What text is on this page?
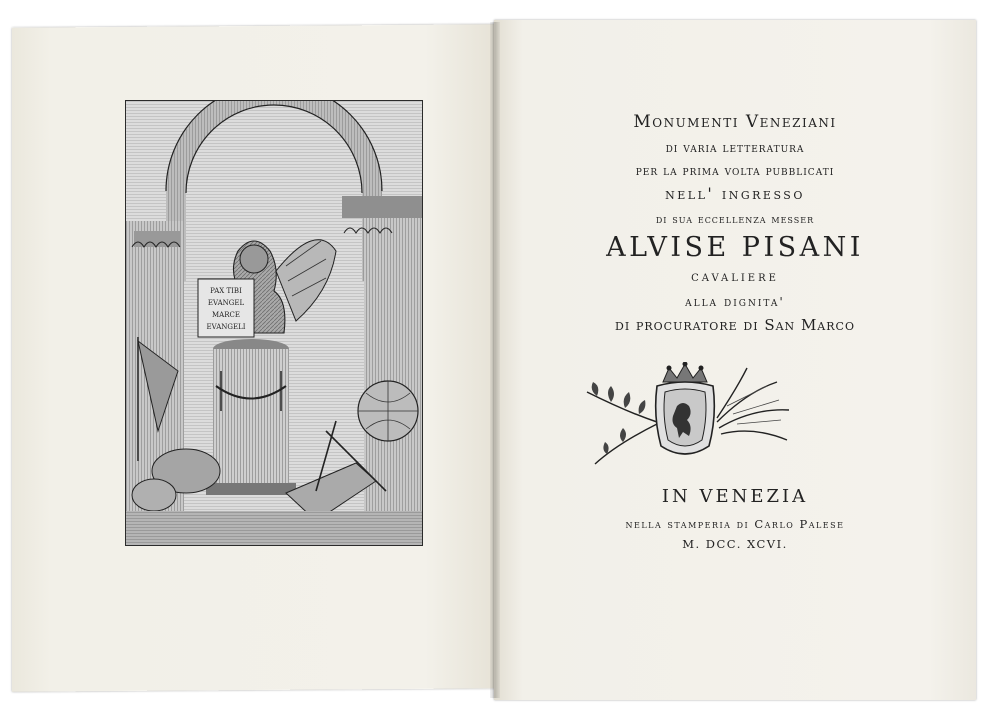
PAX TIBI
EVANGEL
MARCE
EVANGELI
Monumenti Veneziani
di varia letteratura
per la prima volta pubblicati
nell' ingresso
di sua eccellenza messer
ALVISE PISANI
cavaliere
alla dignita'
di procuratore di San Marco
IN VENEZIA
nella stamperia di Carlo Palese
M. DCC. XCVI.
